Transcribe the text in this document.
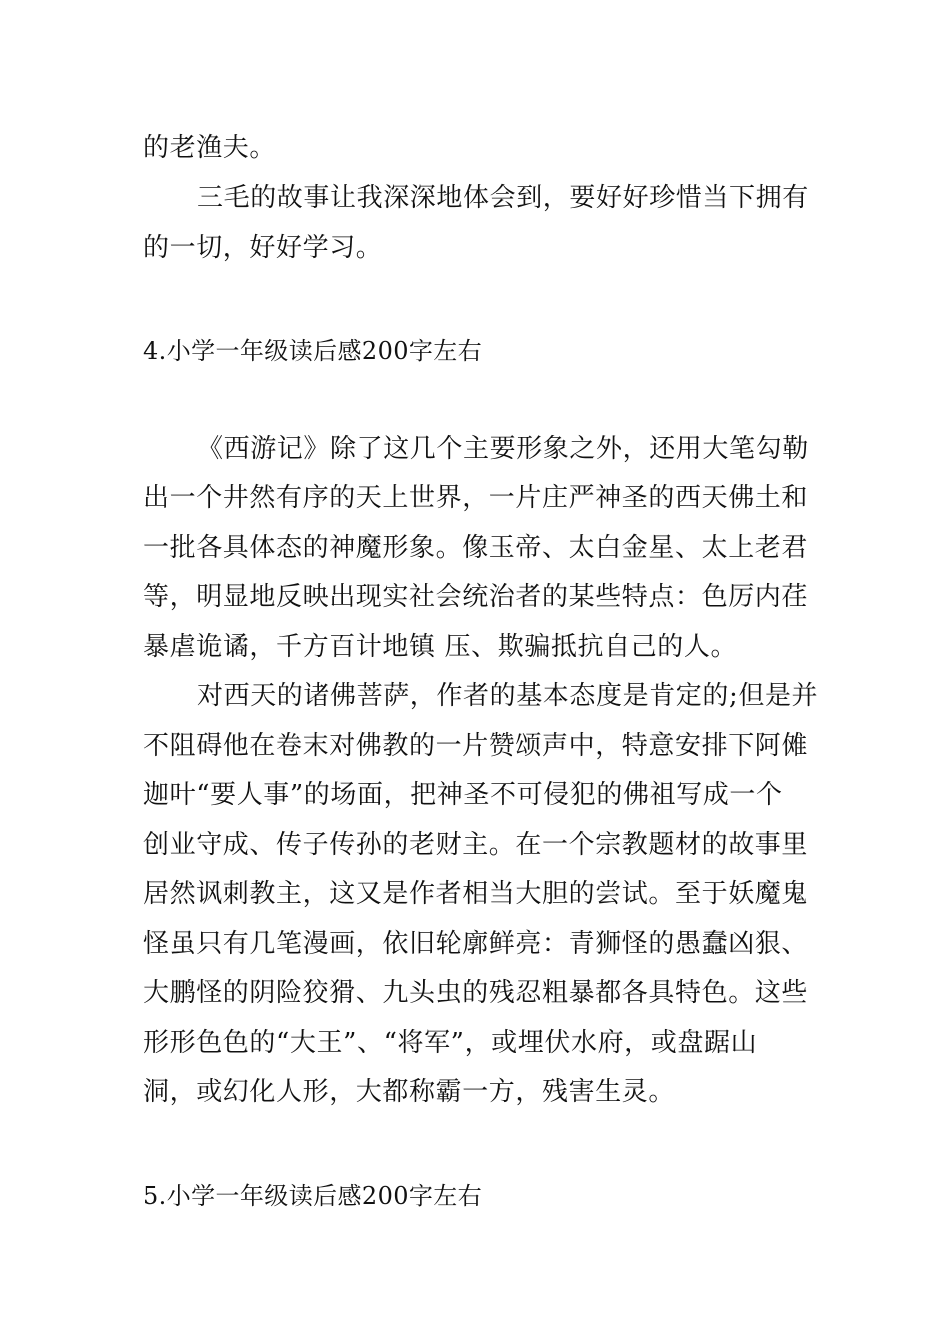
的老渔夫。
三毛的故事让我深深地体会到，要好好珍惜当下拥有
的一切，好好学习。
4.小学一年级读后感200字左右
《西游记》除了这几个主要形象之外，还用大笔勾勒
出一个井然有序的天上世界，一片庄严神圣的西天佛土和
一批各具体态的神魔形象。像玉帝、太白金星、太上老君
等，明显地反映出现实社会统治者的某些特点：色厉内荏
暴虐诡谲，千方百计地镇 压、欺骗抵抗自己的人。
对西天的诸佛菩萨，作者的基本态度是肯定的;但是并
不阻碍他在卷末对佛教的一片赞颂声中，特意安排下阿傩
迦叶“要人事”的场面，把神圣不可侵犯的佛祖写成一个
创业守成、传子传孙的老财主。在一个宗教题材的故事里
居然讽刺教主，这又是作者相当大胆的尝试。至于妖魔鬼
怪虽只有几笔漫画，依旧轮廓鲜亮：青狮怪的愚蠢凶狠、
大鹏怪的阴险狡猾、九头虫的残忍粗暴都各具特色。这些
形形色色的“大王”、“将军”，或埋伏水府，或盘踞山
洞，或幻化人形，大都称霸一方，残害生灵。
5.小学一年级读后感200字左右
